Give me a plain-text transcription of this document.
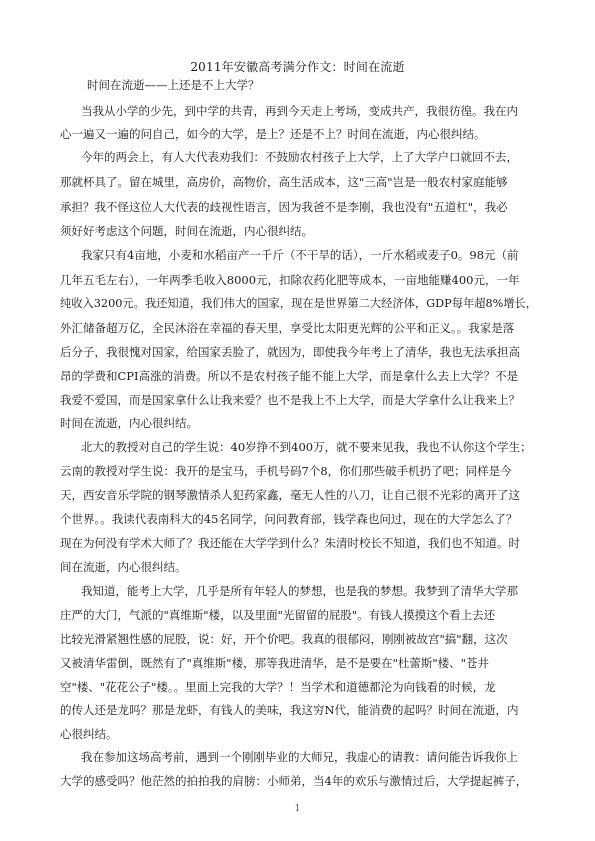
2011年安徽高考满分作文：时间在流逝
时间在流逝——上还是不上大学？
当我从小学的少先，到中学的共青，再到今天走上考场，变成共产，我很彷徨。我在内
心一遍又一遍的问自己，如今的大学，是上？还是不上？时间在流逝，内心很纠结。
今年的两会上，有人大代表劝我们：不鼓励农村孩子上大学，上了大学户口就回不去，
那就杯具了。留在城里，高房价，高物价，高生活成本，这"三高"岂是一般农村家庭能够
承担？我不怪这位人大代表的歧视性语言，因为我爸不是李刚，我也没有"五道杠"，我必
须好好考虑这个问题，时间在流逝，内心很纠结。
我家只有4亩地，小麦和水稻亩产一千斤（不干旱的话），一斤水稻或麦子0。98元（前
几年五毛左右），一年两季毛收入8000元，扣除农药化肥等成本，一亩地能赚400元，一年
纯收入3200元。我还知道，我们伟大的国家，现在是世界第二大经济体，GDP每年超8%增长，
外汇储备超万亿，全民沐浴在幸福的春天里，享受比太阳更光辉的公平和正义。。我家是落
后分子，我很愧对国家，给国家丢脸了，就因为，即使我今年考上了清华，我也无法承担高
昂的学费和CPI高涨的消费。所以不是农村孩子能不能上大学，而是拿什么去上大学？不是
我爱不爱国，而是国家拿什么让我来爱？也不是我上不上大学，而是大学拿什么让我来上？
时间在流逝，内心很纠结。
北大的教授对自己的学生说：40岁挣不到400万，就不要来见我，我也不认你这个学生；
云南的教授对学生说：我开的是宝马，手机号码7个8，你们那些破手机扔了吧；同样是今
天，西安音乐学院的钢琴激情杀人犯药家鑫，毫无人性的八刀，让自己很不光彩的离开了这
个世界。。我读代表南科大的45名同学，问问教育部，钱学森也问过，现在的大学怎么了？
现在为何没有学术大师了？我还能在大学学到什么？朱清时校长不知道，我们也不知道。时
间在流逝，内心很纠结。
我知道，能考上大学，几乎是所有年轻人的梦想，也是我的梦想。我梦到了清华大学那
庄严的大门，气派的"真维斯"楼，以及里面"光留留的屁股"。有钱人摸摸这个看上去还
比较光滑紧翘性感的屁股，说：好，开个价吧。我真的很郁闷，刚刚被故宫"搞"翻，这次
又被清华雷倒，既然有了"真维斯"楼，那等我进清华，是不是要在"杜蕾斯"楼、"苍井
空"楼、"花花公子"楼。。里面上完我的大学？！当学术和道德都沦为向钱看的时候，龙
的传人还是龙吗？那是龙虾，有钱人的美味，我这穷N代，能消费的起吗？时间在流逝，内
心很纠结。
我在参加这场高考前，遇到一个刚刚毕业的大师兄，我虚心的请教：请问能告诉我你上
大学的感受吗？他茫然的拍拍我的肩膀：小师弟，当4年的欢乐与激情过后，大学提起裤子，
1
